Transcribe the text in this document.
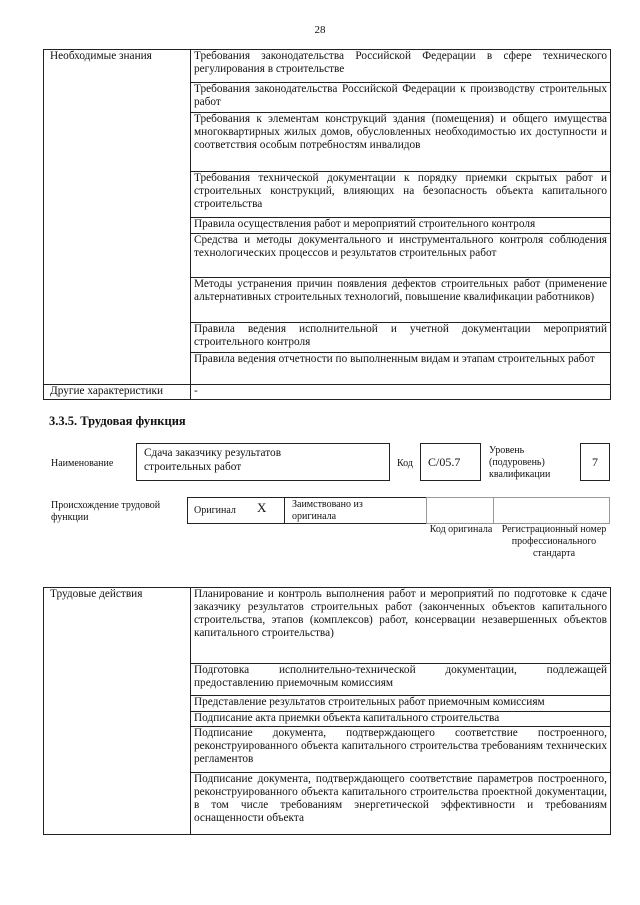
28
Необходимые знания	Требования законодательства Российской Федерации в сфере технического регулирования в строительстве
	Требования законодательства Российской Федерации к производству строительных работ
	Требования к элементам конструкций здания (помещения) и общего имущества многоквартирных жилых домов, обусловленных необходимостью их доступности и соответствия особым потребностям инвалидов
	Требования технической документации к порядку приемки скрытых работ и строительных конструкций, влияющих на безопасность объекта капитального строительства
	Правила осуществления работ и мероприятий строительного контроля
	Средства и методы документального и инструментального контроля соблюдения технологических процессов и результатов строительных работ
	Методы устранения причин появления дефектов строительных работ (применение альтернативных строительных технологий, повышение квалификации работников)
	Правила ведения исполнительной и учетной документации мероприятий строительного контроля
	Правила ведения отчетности по выполненным видам и этапам строительных работ
Другие характеристики	-
3.3.5. Трудовая функция
Наименование
Сдача заказчику результатов строительных работ	Код C/05.7
Уровень (подуровень) квалификации
7
Происхождение трудовой функции
Оригинал X	Заимствовано из оригинала
Код оригинала Регистрационный номер профессионального стандарта
Трудовые действия	Планирование и контроль выполнения работ и мероприятий по подготовке к сдаче заказчику результатов строительных работ (законченных объектов капитального строительства, этапов (комплексов) работ, консервации незавершенных объектов капитального строительства)
Подготовка исполнительно-технической документации, подлежащей предоставлению приемочным комиссиям
Представление результатов строительных работ приемочным комиссиям
Подписание акта приемки объекта капитального строительства
Подписание документа, подтверждающего соответствие построенного, реконструированного объекта капитального строительства требованиям технических регламентов
Подписание документа, подтверждающего соответствие параметров построенного, реконструированного объекта капитального строительства проектной документации, в том числе требованиям энергетической эффективности и требованиям оснащенности объекта
